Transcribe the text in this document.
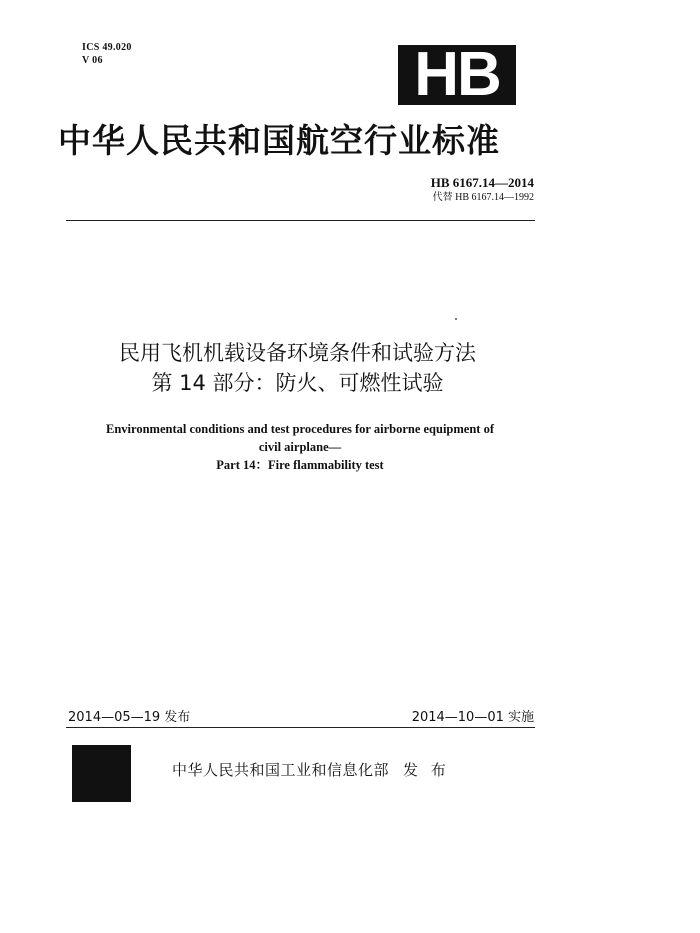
ICS 49.020
V 06	HB
中华人民共和国航空行业标准
HB 6167.14—2014
代替 HB 6167.14—1992
民用飞机机载设备环境条件和试验方法
第 14 部分：防火、可燃性试验
Environmental conditions and test procedures for airborne equipment of
civil airplane—
Part 14：Fire flammability test
2014—05—19 发布	2014—10—01 实施
中华人民共和国工业和信息化部 发 布
